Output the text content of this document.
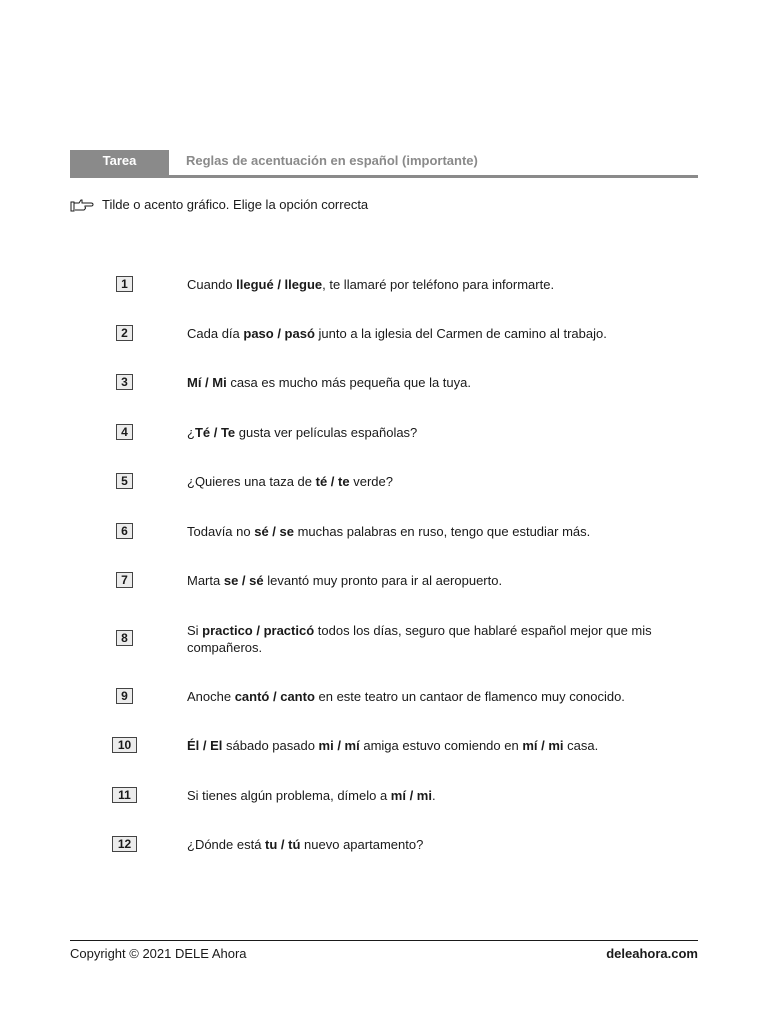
Tarea	Reglas de acentuación en español (importante)
Tilde o acento gráfico. Elige la opción correcta
1	Cuando llegué / llegue, te llamaré por teléfono para informarte.
2	Cada día paso / pasó junto a la iglesia del Carmen de camino al trabajo.
3	Mí / Mi casa es mucho más pequeña que la tuya.
4	¿Té / Te gusta ver películas españolas?
5	¿Quieres una taza de té / te verde?
6	Todavía no sé / se muchas palabras en ruso, tengo que estudiar más.
7	Marta se / sé levantó muy pronto para ir al aeropuerto.
8	Si practico / practicó todos los días, seguro que hablaré español mejor que mis compañeros.
9	Anoche cantó / canto en este teatro un cantaor de flamenco muy conocido.
10	Él / El sábado pasado mi / mí amiga estuvo comiendo en mí / mi casa.
11	Si tienes algún problema, dímelo a mí / mi.
12	¿Dónde está tu / tú nuevo apartamento?
Copyright © 2021 DELE Ahora	deleahora.com
